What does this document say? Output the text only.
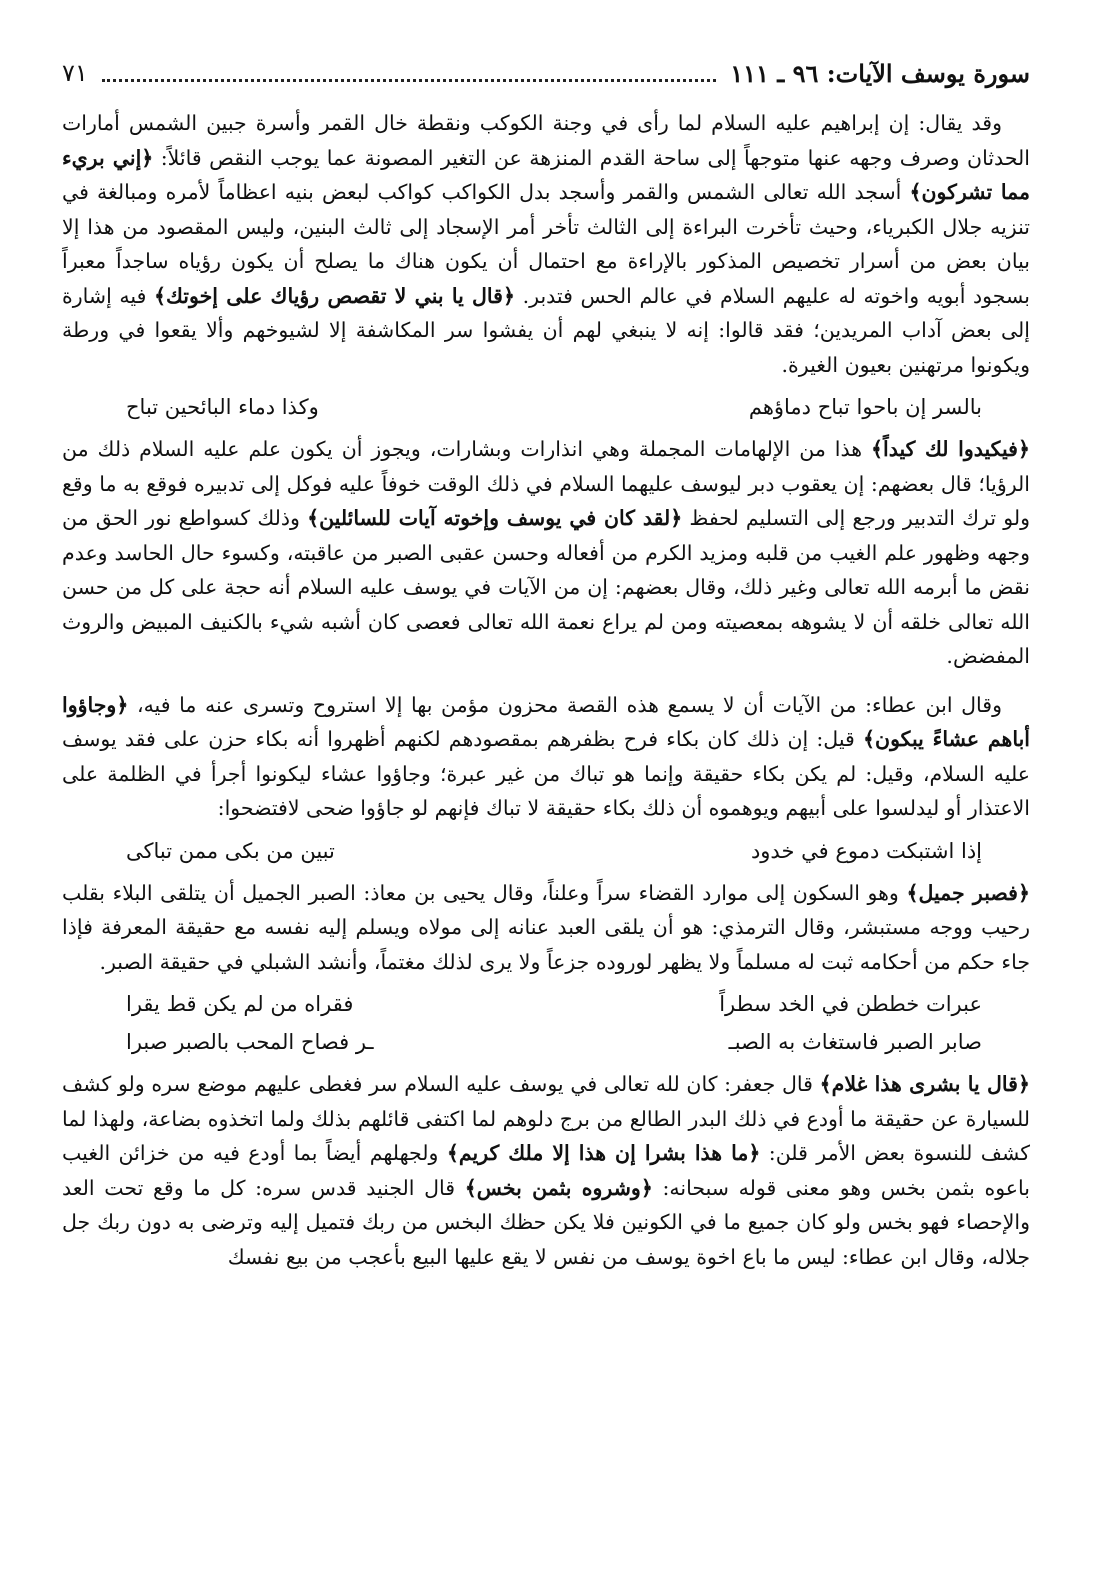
سورة يوسف الآيات: ٩٦ ـ ١١١
٧١

وقد يقال: إن إبراهيم عليه السلام لما رأى في وجنة الكوكب ونقطة خال القمر وأسرة جبين الشمس أمارات الحدثان وصرف وجهه عنها متوجهاً إلى ساحة القدم المنزهة عن التغير المصونة عما يوجب النقص قائلاً: ﴿إني بريء مما تشركون﴾ أسجد الله تعالى الشمس والقمر وأسجد بدل الكواكب كواكب لبعض بنيه اعظاماً لأمره ومبالغة في تنزيه جلال الكبرياء، وحيث تأخرت البراءة إلى الثالث تأخر أمر الإسجاد إلى ثالث البنين، وليس المقصود من هذا إلا بيان بعض من أسرار تخصيص المذكور بالإراءة مع احتمال أن يكون هناك ما يصلح أن يكون رؤياه ساجداً معبراً بسجود أبويه واخوته له عليهم السلام في عالم الحس فتدبر. ﴿قال يا بني لا تقصص رؤياك على إخوتك﴾ فيه إشارة إلى بعض آداب المريدين؛ فقد قالوا: إنه لا ينبغي لهم أن يفشوا سر المكاشفة إلا لشيوخهم وألا يقعوا في ورطة ويكونوا مرتهنين بعيون الغيرة.

بالسر إن باحوا تباح دماؤهم
وكذا دماء البائحين تباح

﴿فيكيدوا لك كيداً﴾ هذا من الإلهامات المجملة وهي انذارات وبشارات، ويجوز أن يكون علم عليه السلام ذلك من الرؤيا؛ قال بعضهم: إن يعقوب دبر ليوسف عليهما السلام في ذلك الوقت خوفاً عليه فوكل إلى تدبيره فوقع به ما وقع ولو ترك التدبير ورجع إلى التسليم لحفظ ﴿لقد كان في يوسف وإخوته آيات للسائلين﴾ وذلك كسواطع نور الحق من وجهه وظهور علم الغيب من قلبه ومزيد الكرم من أفعاله وحسن عقبى الصبر من عاقبته، وكسوء حال الحاسد وعدم نقض ما أبرمه الله تعالى وغير ذلك، وقال بعضهم: إن من الآيات في يوسف عليه السلام أنه حجة على كل من حسن الله تعالى خلقه أن لا يشوهه بمعصيته ومن لم يراع نعمة الله تعالى فعصى كان أشبه شيء بالكنيف المبيض والروث المفضض.

وقال ابن عطاء: من الآيات أن لا يسمع هذه القصة محزون مؤمن بها إلا استروح وتسرى عنه ما فيه، ﴿وجاؤوا أباهم عشاءً يبكون﴾ قيل: إن ذلك كان بكاء فرح بظفرهم بمقصودهم لكنهم أظهروا أنه بكاء حزن على فقد يوسف عليه السلام، وقيل: لم يكن بكاء حقيقة وإنما هو تباك من غير عبرة؛ وجاؤوا عشاء ليكونوا أجرأ في الظلمة على الاعتذار أو ليدلسوا على أبيهم ويوهموه أن ذلك بكاء حقيقة لا تباك فإنهم لو جاؤوا ضحى لافتضحوا:

إذا اشتبكت دموع في خدود
تبين من بكى ممن تباكى

﴿فصبر جميل﴾ وهو السكون إلى موارد القضاء سراً وعلناً، وقال يحيى بن معاذ: الصبر الجميل أن يتلقى البلاء بقلب رحيب ووجه مستبشر، وقال الترمذي: هو أن يلقى العبد عنانه إلى مولاه ويسلم إليه نفسه مع حقيقة المعرفة فإذا جاء حكم من أحكامه ثبت له مسلماً ولا يظهر لوروده جزعاً ولا يرى لذلك مغتماً، وأنشد الشبلي في حقيقة الصبر.

عبرات خططن في الخد سطراً
فقراه من لم يكن قط يقرا
صابر الصبر فاستغاث به الصبـ
ـر فصاح المحب بالصبر صبرا

﴿قال يا بشرى هذا غلام﴾ قال جعفر: كان لله تعالى في يوسف عليه السلام سر فغطى عليهم موضع سره ولو كشف للسيارة عن حقيقة ما أودع في ذلك البدر الطالع من برج دلوهم لما اكتفى قائلهم بذلك ولما اتخذوه بضاعة، ولهذا لما كشف للنسوة بعض الأمر قلن: ﴿ما هذا بشرا إن هذا إلا ملك كريم﴾ ولجهلهم أيضاً بما أودع فيه من خزائن الغيب باعوه بثمن بخس وهو معنى قوله سبحانه: ﴿وشروه بثمن بخس﴾ قال الجنيد قدس سره: كل ما وقع تحت العد والإحصاء فهو بخس ولو كان جميع ما في الكونين فلا يكن حظك البخس من ربك فتميل إليه وترضى به دون ربك جل جلاله، وقال ابن عطاء: ليس ما باع اخوة يوسف من نفس لا يقع عليها البيع بأعجب من بيع نفسك
